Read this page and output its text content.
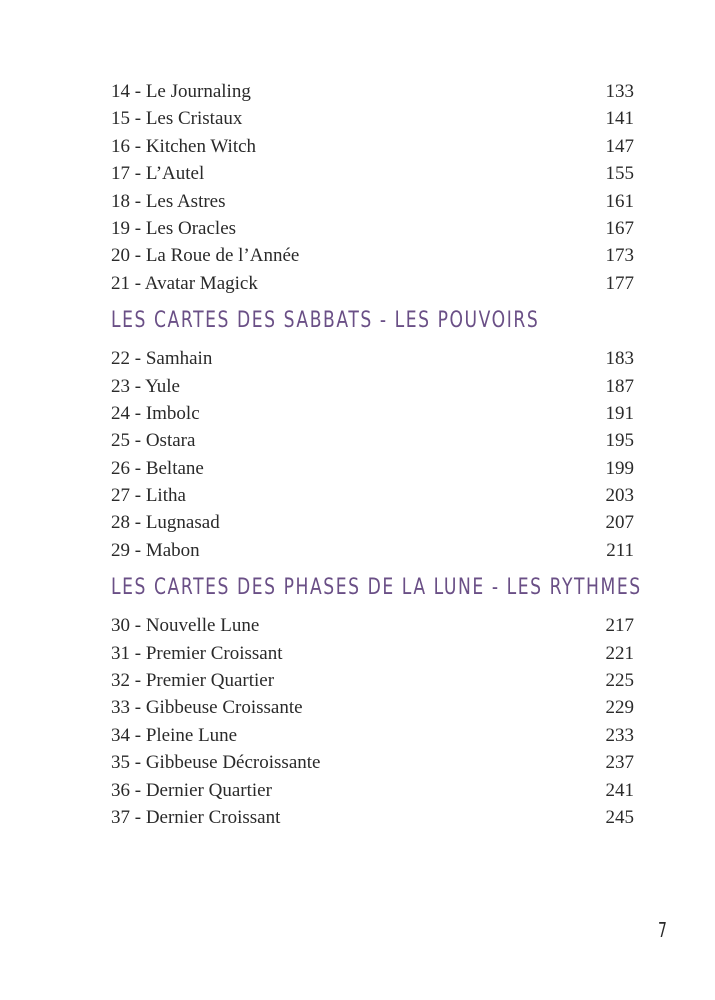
14 - Le Journaling	133
15 - Les Cristaux	141
16 - Kitchen Witch	147
17 - L’Autel	155
18 - Les Astres	161
19 - Les Oracles	167
20 - La Roue de l’Année	173
21 - Avatar Magick	177
LES CARTES DES SABBATS - LES POUVOIRS
22 - Samhain	183
23 - Yule	187
24 - Imbolc	191
25 - Ostara	195
26 - Beltane	199
27 - Litha	203
28 - Lugnasad	207
29 - Mabon	211
LES CARTES DES PHASES DE LA LUNE - LES RYTHMES
30 - Nouvelle Lune	217
31 - Premier Croissant	221
32 - Premier Quartier	225
33 - Gibbeuse Croissante	229
34 - Pleine Lune	233
35 - Gibbeuse Décroissante	237
36 - Dernier Quartier	241
37 - Dernier Croissant	245
7
